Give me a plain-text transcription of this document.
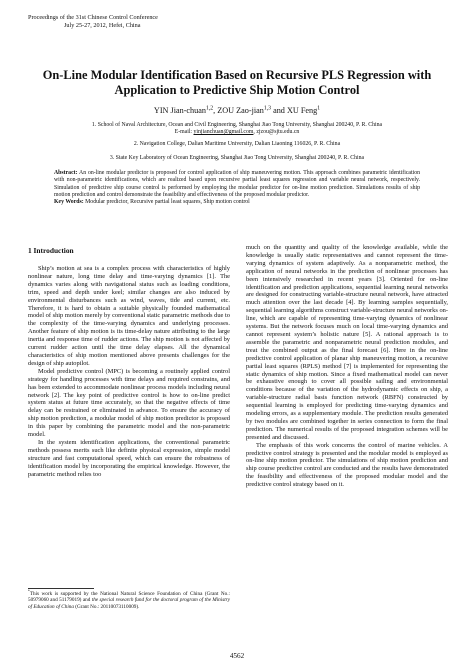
Proceedings of the 31st Chinese Control Conference
July 25-27, 2012, Hefei, China
On-Line Modular Identification Based on Recursive PLS Regression with
Application to Predictive Ship Motion Control
YIN Jian-chuan$^{1,2}$, ZOU Zao-jian$^{1,3}$ and XU Feng$^1$
1. School of Naval Architecture, Ocean and Civil Engineering, Shanghai Jiao Tong University, Shanghai 200240, P. R. China
E-mail: yinjianchuan@gmail.com, zjzou@sjtu.edu.cn
2. Navigation College, Dalian Maritime University, Dalian Liaoning 116026, P. R. China
3. State Key Laboratory of Ocean Engineering, Shanghai Jiao Tong University, Shanghai 200240, P. R. China
Abstract: An on-line modular predictor is proposed for control application of ship maneuvering motion. This approach combines parametric identification with non-parametric identifications, which are realized based upon recursive partial least squares regression and variable neural network, respectively. Simulation of predictive ship course control is performed by employing the modular predictor for on-line motion prediction. Simulations results of ship motion prediction and control demonstrate the feasibility and effectiveness of the proposed modular predictor.
Key Words: Modular predictor, Recursive partial least squares, Ship motion control
1 Introduction

Ship’s motion at sea is a complex process with characteristics of highly nonlinear nature, long time delay and time-varying dynamics [1]. The dynamics varies along with navigational status such as loading conditions, trim, speed and depth under keel; similar changes are also induced by environmental disturbances such as wind, waves, tide and current, etc. Therefore, it is hard to obtain a suitable physically founded mathematical model of ship motion merely by conventional static parametric methods due to the complexity of the time-varying dynamics and underlying processes. Another feature of ship motion is its time-delay nature attributing to the large inertia and response time of rudder actions. The ship motion is not affected by current rudder action until the time delay elapses. All the dynamical characteristics of ship motion mentioned above presents challenges for the design of ship autopilot.

Model predictive control (MPC) is becoming a routinely applied control strategy for handling processes with time delays and required constrains, and has been extended to accommodate nonlinear process models including neural network [2]. The key point of predictive control is how to on-line predict system status at future time accurately, so that the negative effects of time delay can be restrained or eliminated in advance. To ensure the accuracy of ship motion prediction, a modular model of ship motion predictor is proposed in this paper by combining the parametric model and the non-parametric model.

In the system identification applications, the conventional parametric methods possess merits such like definite physical expression, simple model structure and fast computational speed, which can ensure the robustness of identification model by incorporating the empirical knowledge. However, the parametric method relies too

much on the quantity and quality of the knowledge available, while the knowledge is usually static representatives and cannot represent the time-varying dynamics of system adaptively. As a nonparametric method, the application of neural networks in the prediction of nonlinear processes has been intensively researched in recent years [3]. Oriented for on-line identification and prediction applications, sequential learning neural networks are designed for constructing variable-structure neural network, have attracted much attention over the last decade [4]. By learning samples sequentially, sequential learning algorithms construct variable-structure neural networks on-line, which are capable of representing time-varying dynamics of nonlinear systems. But the network focuses much on local time-varying dynamics and cannot represent system’s holistic nature [5]. A rational approach is to assemble the parametric and nonparametric neural prediction modules, and treat the combined output as the final forecast [6]. Here in the on-line predictive control application of planar ship maneuvering motion, a recursive partial least squares (RPLS) method [7] is implemented for representing the static dynamics of ship motion. Since a fixed mathematical model can never be exhaustive enough to cover all possible sailing and environmental conditions because of the variation of the hydrodynamic effects on ship, a variable-structure radial basis function network (RBFN) constructed by sequential learning is employed for predicting time-varying dynamics and modeling errors, as a supplementary module. The prediction results generated by two modules are combined together in series connection to form the final prediction. The numerical results of the proposed integration schemes will be presented and discussed.

The emphasis of this work concerns the control of marine vehicles. A predictive control strategy is presented and the modular model is employed as on-line ship motion predictor. The simulations of ship motion prediction and ship course predictive control are conducted and the results have demonstrated the feasibility and effectiveness of the proposed modular model and the predictive control strategy based on it.

*This work is supported by the National Natural Science Foundation of China (Grant No.: 50979060 and 51179019) and the special research fund for the doctoral program of the Ministry of Education of China (Grant No.: 20110073110009).
4562
